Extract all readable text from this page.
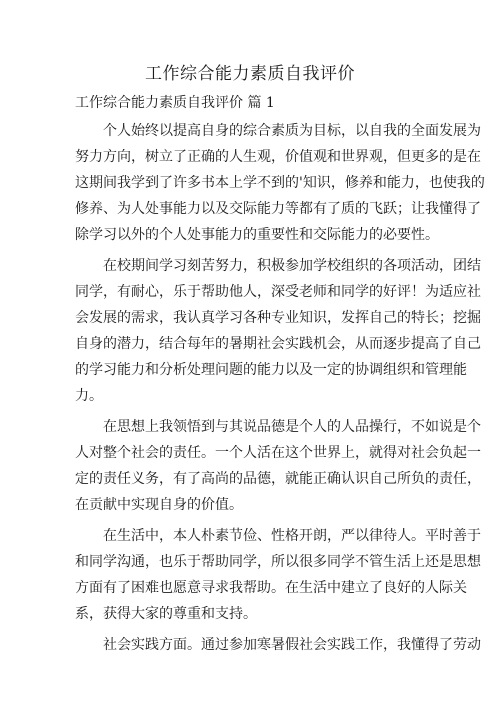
工作综合能力素质自我评价
工作综合能力素质自我评价 篇 1
个人始终以提高自身的综合素质为目标，以自我的全面发展为
努力方向，树立了正确的人生观，价值观和世界观，但更多的是在
这期间我学到了许多书本上学不到的'知识，修养和能力，也使我的
修养、为人处事能力以及交际能力等都有了质的飞跃；让我懂得了
除学习以外的个人处事能力的重要性和交际能力的必要性。
在校期间学习刻苦努力，积极参加学校组织的各项活动，团结
同学，有耐心，乐于帮助他人，深受老师和同学的好评！为适应社
会发展的需求，我认真学习各种专业知识，发挥自己的特长；挖掘
自身的潜力，结合每年的暑期社会实践机会，从而逐步提高了自己
的学习能力和分析处理问题的能力以及一定的协调组织和管理能
力。
在思想上我领悟到与其说品德是个人的人品操行，不如说是个
人对整个社会的责任。一个人活在这个世界上，就得对社会负起一
定的责任义务，有了高尚的品德，就能正确认识自己所负的责任，
在贡献中实现自身的价值。
在生活中，本人朴素节俭、性格开朗，严以律待人。平时善于
和同学沟通，也乐于帮助同学，所以很多同学不管生活上还是思想
方面有了困难也愿意寻求我帮助。在生活中建立了良好的人际关
系，获得大家的尊重和支持。
社会实践方面。通过参加寒暑假社会实践工作，我懂得了劳动
